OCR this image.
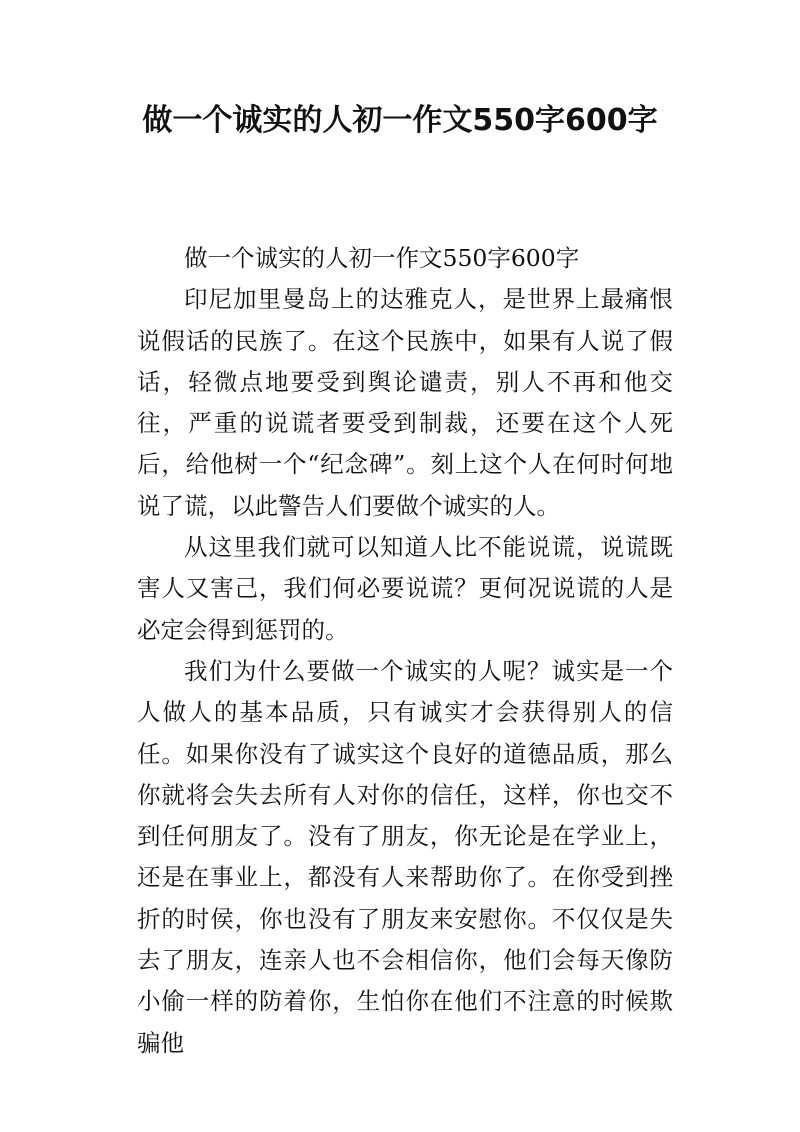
做一个诚实的人初一作文550字600字

做一个诚实的人初一作文550字600字

印尼加里曼岛上的达雅克人，是世界上最痛恨说假话的民族了。在这个民族中，如果有人说了假话，轻微点地要受到舆论谴责，别人不再和他交往，严重的说谎者要受到制裁，还要在这个人死后，给他树一个“纪念碑”。刻上这个人在何时何地说了谎，以此警告人们要做个诚实的人。

从这里我们就可以知道人比不能说谎，说谎既害人又害己，我们何必要说谎？更何况说谎的人是必定会得到惩罚的。

我们为什么要做一个诚实的人呢？诚实是一个人做人的基本品质，只有诚实才会获得别人的信任。如果你没有了诚实这个良好的道德品质，那么你就将会失去所有人对你的信任，这样，你也交不到任何朋友了。没有了朋友，你无论是在学业上，还是在事业上，都没有人来帮助你了。在你受到挫折的时侯，你也没有了朋友来安慰你。不仅仅是失去了朋友，连亲人也不会相信你，他们会每天像防小偷一样的防着你，生怕你在他们不注意的时候欺骗他
